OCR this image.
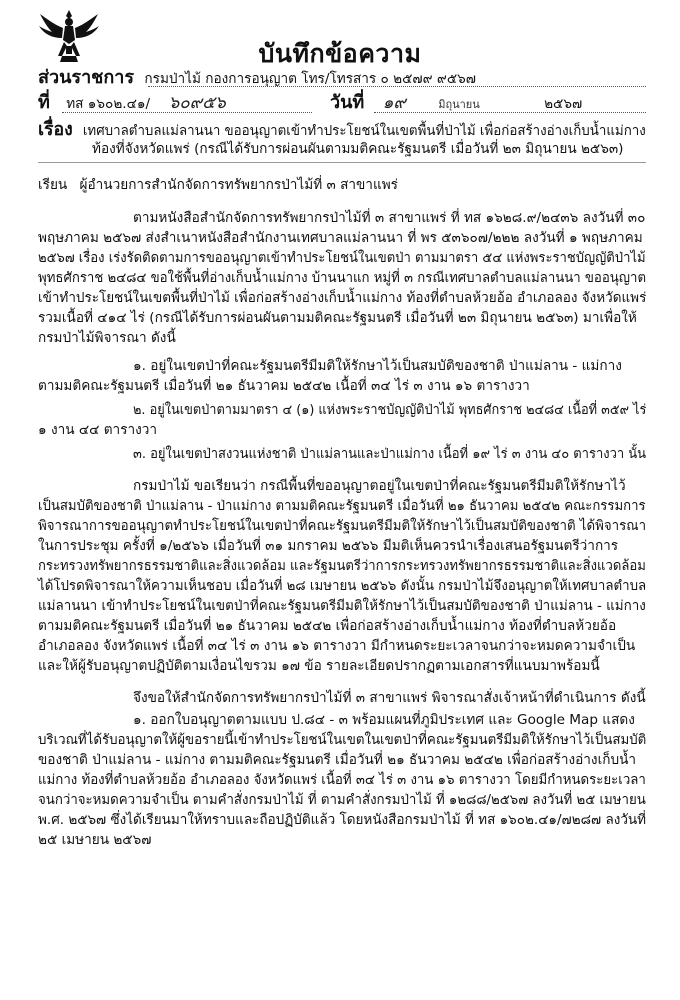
บันทึกข้อความ
ส่วนราชการ กรมป่าไม้ กองการอนุญาต โทร/โทรสาร ๐ ๒๕๗๙ ๙๕๖๗
ที่ ทส ๑๖๐๒.๔๑/ ๖๐๙๕๖	วันที่ ๑๙	มิถุนายน	๒๕๖๗
เรื่อง เทศบาลตำบลแม่ลานนา ขออนุญาตเข้าทำประโยชน์ในเขตพื้นที่ป่าไม้ เพื่อก่อสร้างอ่างเก็บน้ำแม่กาง
ท้องที่จังหวัดแพร่ (กรณีได้รับการผ่อนผันตามมติคณะรัฐมนตรี เมื่อวันที่ ๒๓ มิถุนายน ๒๕๖๓)
เรียน ผู้อำนวยการสำนักจัดการทรัพยากรป่าไม้ที่ ๓ สาขาแพร่
ตามหนังสือสำนักจัดการทรัพยากรป่าไม้ที่ ๓ สาขาแพร่ ที่ ทส ๑๖๒๘.๙/๒๔๓๖ ลงวันที่ ๓๐
พฤษภาคม ๒๕๖๗ ส่งสำเนาหนังสือสำนักงานเทศบาลแม่ลานนา ที่ พร ๕๓๖๐๗/๒๒๒ ลงวันที่ ๑ พฤษภาคม
๒๕๖๗ เรื่อง เร่งรัดติดตามการขออนุญาตเข้าทำประโยชน์ในเขตป่า ตามมาตรา ๕๔ แห่งพระราชบัญญัติป่าไม้
พุทธศักราช ๒๔๘๔ ขอใช้พื้นที่อ่างเก็บน้ำแม่กาง บ้านนาแก หมู่ที่ ๓ กรณีเทศบาลตำบลแม่ลานนา ขออนุญาต
เข้าทำประโยชน์ในเขตพื้นที่ป่าไม้ เพื่อก่อสร้างอ่างเก็บน้ำแม่กาง ท้องที่ตำบลห้วยอ้อ อำเภอลอง จังหวัดแพร่
รวมเนื้อที่ ๔๑๔ ไร่ (กรณีได้รับการผ่อนผันตามมติคณะรัฐมนตรี เมื่อวันที่ ๒๓ มิถุนายน ๒๕๖๓) มาเพื่อให้
กรมป่าไม้พิจารณา ดังนี้
๑. อยู่ในเขตป่าที่คณะรัฐมนตรีมีมติให้รักษาไว้เป็นสมบัติของชาติ ป่าแม่ลาน - แม่กาง
ตามมติคณะรัฐมนตรี เมื่อวันที่ ๒๑ ธันวาคม ๒๕๔๒ เนื้อที่ ๓๔ ไร่ ๓ งาน ๑๖ ตารางวา
๒. อยู่ในเขตป่าตามมาตรา ๔ (๑) แห่งพระราชบัญญัติป่าไม้ พุทธศักราช ๒๔๘๔ เนื้อที่ ๓๕๙ ไร่
๑ งาน ๔๔ ตารางวา
๓. อยู่ในเขตป่าสงวนแห่งชาติ ป่าแม่ลานและป่าแม่กาง เนื้อที่ ๑๙ ไร่ ๓ งาน ๔๐ ตารางวา นั้น
กรมป่าไม้ ขอเรียนว่า กรณีพื้นที่ขออนุญาตอยู่ในเขตป่าที่คณะรัฐมนตรีมีมติให้รักษาไว้
เป็นสมบัติของชาติ ป่าแม่ลาน - ป่าแม่กาง ตามมติคณะรัฐมนตรี เมื่อวันที่ ๒๑ ธันวาคม ๒๕๔๒ คณะกรรมการ
พิจารณาการขออนุญาตทำประโยชน์ในเขตป่าที่คณะรัฐมนตรีมีมติให้รักษาไว้เป็นสมบัติของชาติ ได้พิจารณา
ในการประชุม ครั้งที่ ๑/๒๕๖๖ เมื่อวันที่ ๓๑ มกราคม ๒๕๖๖ มีมติเห็นควรนำเรื่องเสนอรัฐมนตรีว่าการ
กระทรวงทรัพยากรธรรมชาติและสิ่งแวดล้อม และรัฐมนตรีว่าการกระทรวงทรัพยากรธรรมชาติและสิ่งแวดล้อม
ได้โปรดพิจารณาให้ความเห็นชอบ เมื่อวันที่ ๒๘ เมษายน ๒๕๖๖ ดังนั้น กรมป่าไม้จึงอนุญาตให้เทศบาลตำบล
แม่ลานนา เข้าทำประโยชน์ในเขตป่าที่คณะรัฐมนตรีมีมติให้รักษาไว้เป็นสมบัติของชาติ ป่าแม่ลาน - แม่กาง
ตามมติคณะรัฐมนตรี เมื่อวันที่ ๒๑ ธันวาคม ๒๕๔๒ เพื่อก่อสร้างอ่างเก็บน้ำแม่กาง ท้องที่ตำบลห้วยอ้อ
อำเภอลอง จังหวัดแพร่ เนื้อที่ ๓๔ ไร่ ๓ งาน ๑๖ ตารางวา มีกำหนดระยะเวลาจนกว่าจะหมดความจำเป็น
และให้ผู้รับอนุญาตปฏิบัติตามเงื่อนไขรวม ๑๗ ข้อ รายละเอียดปรากฏตามเอกสารที่แนบมาพร้อมนี้
จึงขอให้สำนักจัดการทรัพยากรป่าไม้ที่ ๓ สาขาแพร่ พิจารณาสั่งเจ้าหน้าที่ดำเนินการ ดังนี้
๑. ออกใบอนุญาตตามแบบ ป.๘๔ - ๓ พร้อมแผนที่ภูมิประเทศ และ Google Map แสดง
บริเวณที่ได้รับอนุญาตให้ผู้ขอรายนี้เข้าทำประโยชน์ในเขตในเขตป่าที่คณะรัฐมนตรีมีมติให้รักษาไว้เป็นสมบัติ
ของชาติ ป่าแม่ลาน - แม่กาง ตามมติคณะรัฐมนตรี เมื่อวันที่ ๒๑ ธันวาคม ๒๕๔๒ เพื่อก่อสร้างอ่างเก็บน้ำ
แม่กาง ท้องที่ตำบลห้วยอ้อ อำเภอลอง จังหวัดแพร่ เนื้อที่ ๓๔ ไร่ ๓ งาน ๑๖ ตารางวา โดยมีกำหนดระยะเวลา
จนกว่าจะหมดความจำเป็น ตามคำสั่งกรมป่าไม้ ที่ ตามคำสั่งกรมป่าไม้ ที่ ๑๒๘๘/๒๕๖๗ ลงวันที่ ๒๕ เมษายน
พ.ศ. ๒๕๖๗ ซึ่งได้เรียนมาให้ทราบและถือปฏิบัติแล้ว โดยหนังสือกรมป่าไม้ ที่ ทส ๑๖๐๒.๔๑/๗๒๘๗ ลงวันที่
๒๕ เมษายน ๒๕๖๗
